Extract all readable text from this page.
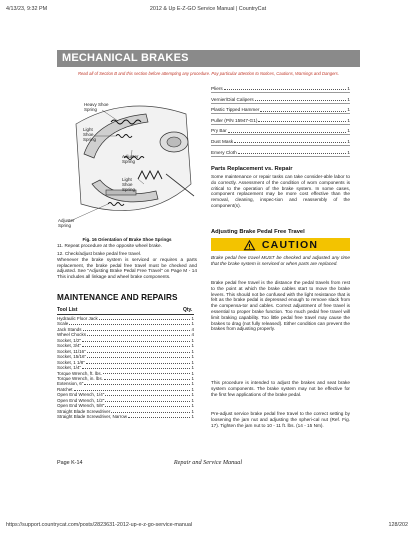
4/13/23, 9:32 PM	2012 & Up E-Z-GO Service Manual | CountryCat
MECHANICAL BRAKES
Read all of Section B and this section before attempting any procedure. Pay particular attention to Notices, Cautions, Warnings and Dangers.
Heavy Shoe
Spring
Light
Shoe
Spring
Adjuster
Spring
Light
Shoe
Spring
Adjuster
Spring
Fig. 16 Orientation of Brake Shoe Springs
11. Repeat procedure at the opposite wheel brake.
12. Check/adjust brake pedal free travel.
Whenever the brake system is serviced or requires a parts replacement, the brake pedal free travel must be checked and adjusted. See "Adjusting Brake Pedal Free Travel" on Page M - 14 This includes all linkage and wheel brake components.
MAINTENANCE AND REPAIRS
Tool List	Qty.
Hydraulic Floor Jack	1
Scale	1
Jack Stands	4
Wheel Chocks	4
Socket, 1/2"	1
Socket, 3/4"	1
Socket, 11/16"	1
Socket, 15/16"	1
Socket, 1 1/8"	1
Socket, 1/4"	1
Torque Wrench, ft. lbs.	1
Torque Wrench, in. lbs.	1
Extension, 6"	1
Ratchet	1
Open End Wrench, 1/4"	1
Open End Wrench, 1/2"	1
Open End Wrench, 5/8"	1
Straight Blade Screwdriver	1
Straight Blade Screwdriver, Narrow	1
Pliers	1
Vernier/Dial Calipers	1
Plastic Tipped Hammer	1
Puller (P/N 15947-G1)	1
Pry Bar	1
Dust Mask	1
Emery Cloth	1
Parts Replacement vs. Repair
Some maintenance or repair tasks can take consider-able labor to do correctly. Assessment of the condition of worn components is critical to the operation of the brake system. In some cases, component replacement may be more cost effective than the removal, cleaning, inspec-tion and reassembly of the component(s).
Adjusting Brake Pedal Free Travel
CAUTION
Brake pedal free travel MUST be checked and adjusted any time that the brake system is serviced or when parts are replaced.
Brake pedal free travel is the distance the pedal travels from rest to the point at which the brake cables start to move the brake levers. This should not be confused with the light resistance that is felt as the brake pedal is depressed enough to remove slack from the compensa-tor and cables. Correct adjustment of free travel is essential to proper brake function. Too much pedal free travel will limit braking capability. Too little pedal free travel may cause the brakes to drag (not fully released). Either condition can prevent the brakes from adjusting properly.
This procedure is intended to adjust the brakes and seat brake system components. The brake system may not be effective for the first few applications of the brake pedal.
Pre-adjust service brake pedal free travel to the correct setting by loosening the jam nut and adjusting the spheri-cal nut (Ref. Fig. 17). Tighten the jam nut to 10 - 11 ft. lbs. (14 - 15 Nm).
Page K-14	Repair and Service Manual
https://support.countrycat.com/posts/2823631-2012-up-e-z-go-service-manual	128/202
